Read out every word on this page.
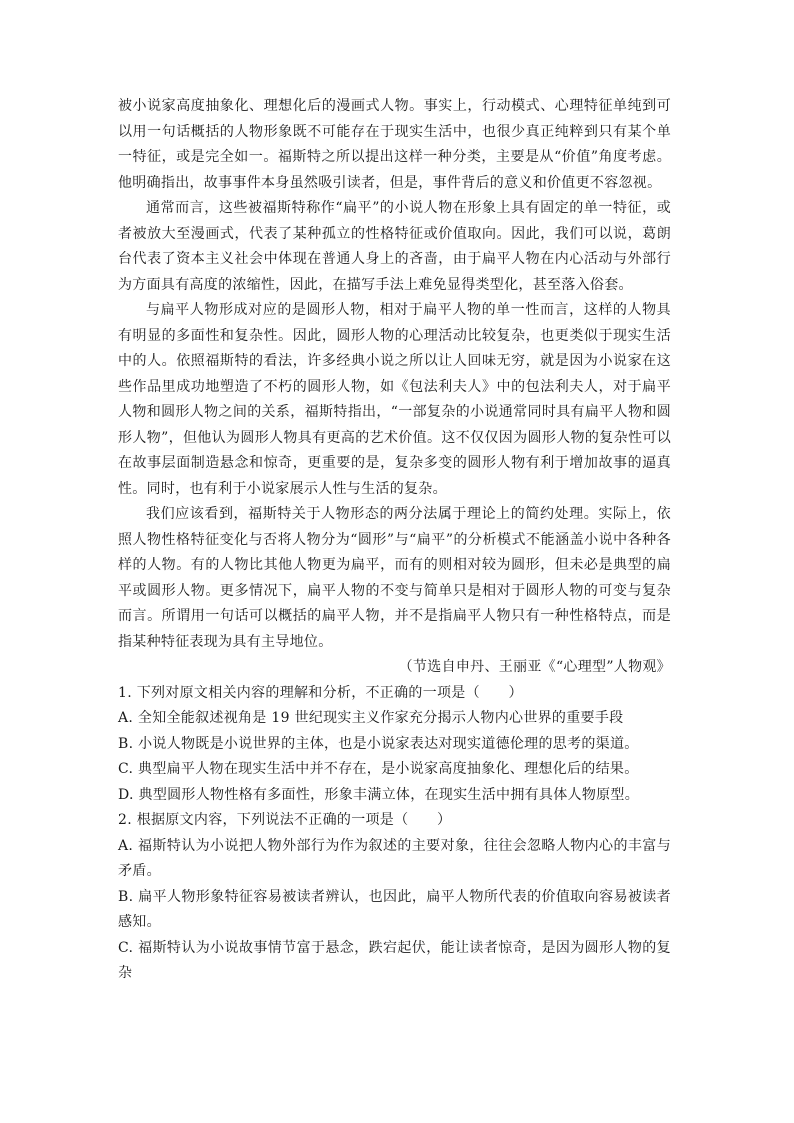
被小说家高度抽象化、理想化后的漫画式人物。事实上，行动模式、心理特征单纯到可以用一句话概括的人物形象既不可能存在于现实生活中，也很少真正纯粹到只有某个单一特征，或是完全如一。福斯特之所以提出这样一种分类，主要是从“价值”角度考虑。他明确指出，故事事件本身虽然吸引读者，但是，事件背后的意义和价值更不容忽视。

通常而言，这些被福斯特称作“扁平”的小说人物在形象上具有固定的单一特征，或者被放大至漫画式，代表了某种孤立的性格特征或价值取向。因此，我们可以说，葛朗台代表了资本主义社会中体现在普通人身上的吝啬，由于扁平人物在内心活动与外部行为方面具有高度的浓缩性，因此，在描写手法上难免显得类型化，甚至落入俗套。

与扁平人物形成对应的是圆形人物，相对于扁平人物的单一性而言，这样的人物具有明显的多面性和复杂性。因此，圆形人物的心理活动比较复杂，也更类似于现实生活中的人。依照福斯特的看法，许多经典小说之所以让人回味无穷，就是因为小说家在这些作品里成功地塑造了不朽的圆形人物，如《包法利夫人》中的包法利夫人，对于扁平人物和圆形人物之间的关系，福斯特指出，“一部复杂的小说通常同时具有扁平人物和圆形人物”，但他认为圆形人物具有更高的艺术价值。这不仅仅因为圆形人物的复杂性可以在故事层面制造悬念和惊奇，更重要的是，复杂多变的圆形人物有利于增加故事的逼真性。同时，也有利于小说家展示人性与生活的复杂。

我们应该看到，福斯特关于人物形态的两分法属于理论上的简约处理。实际上，依照人物性格特征变化与否将人物分为“圆形”与“扁平”的分析模式不能涵盖小说中各种各样的人物。有的人物比其他人物更为扁平，而有的则相对较为圆形，但未必是典型的扁平或圆形人物。更多情况下，扁平人物的不变与简单只是相对于圆形人物的可变与复杂而言。所谓用一句话可以概括的扁平人物，并不是指扁平人物只有一种性格特点，而是指某种特征表现为具有主导地位。

（节选自申丹、王丽亚《“心理型”人物观》

1. 下列对原文相关内容的理解和分析，不正确的一项是（　　）

A. 全知全能叙述视角是 19 世纪现实主义作家充分揭示人物内心世界的重要手段

B. 小说人物既是小说世界的主体，也是小说家表达对现实道德伦理的思考的渠道。

C. 典型扁平人物在现实生活中并不存在，是小说家高度抽象化、理想化后的结果。

D. 典型圆形人物性格有多面性，形象丰满立体，在现实生活中拥有具体人物原型。

2. 根据原文内容，下列说法不正确的一项是（　　）

A. 福斯特认为小说把人物外部行为作为叙述的主要对象，往往会忽略人物内心的丰富与矛盾。

B. 扁平人物形象特征容易被读者辨认，也因此，扁平人物所代表的价值取向容易被读者感知。

C. 福斯特认为小说故事情节富于悬念，跌宕起伏，能让读者惊奇，是因为圆形人物的复杂
